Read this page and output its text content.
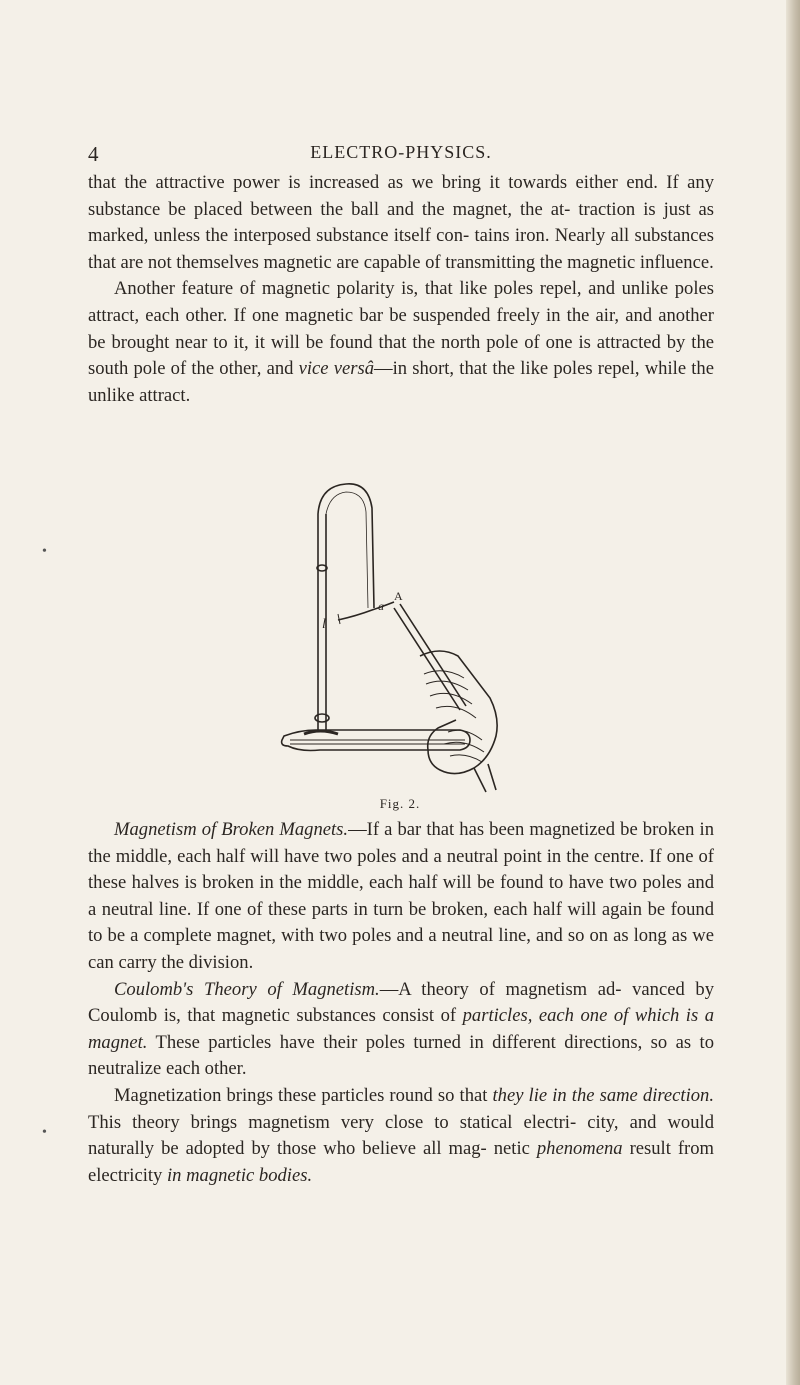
4	ELECTRO-PHYSICS.

that the attractive power is increased as we bring it towards either end. If any substance be placed between the ball and the magnet, the at- traction is just as marked, unless the interposed substance itself con- tains iron. Nearly all substances that are not themselves magnetic are capable of transmitting the magnetic influence.

Another feature of magnetic polarity is, that like poles repel, and unlike poles attract, each other. If one magnetic bar be suspended freely in the air, and another be brought near to it, it will be found that the north pole of one is attracted by the south pole of the other, and vice versâ—in short, that the like poles repel, while the unlike attract.

•
•
l
a
A
Fig. 2.

Magnetism of Broken Magnets.—If a bar that has been magnetized be broken in the middle, each half will have two poles and a neutral point in the centre. If one of these halves is broken in the middle, each half will be found to have two poles and a neutral line. If one of these parts in turn be broken, each half will again be found to be a complete magnet, with two poles and a neutral line, and so on as long as we can carry the division.

Coulomb's Theory of Magnetism.—A theory of magnetism ad- vanced by Coulomb is, that magnetic substances consist of particles, each one of which is a magnet. These particles have their poles turned in different directions, so as to neutralize each other.

Magnetization brings these particles round so that they lie in the same direction. This theory brings magnetism very close to statical electri- city, and would naturally be adopted by those who believe all mag- netic phenomena result from electricity in magnetic bodies.
